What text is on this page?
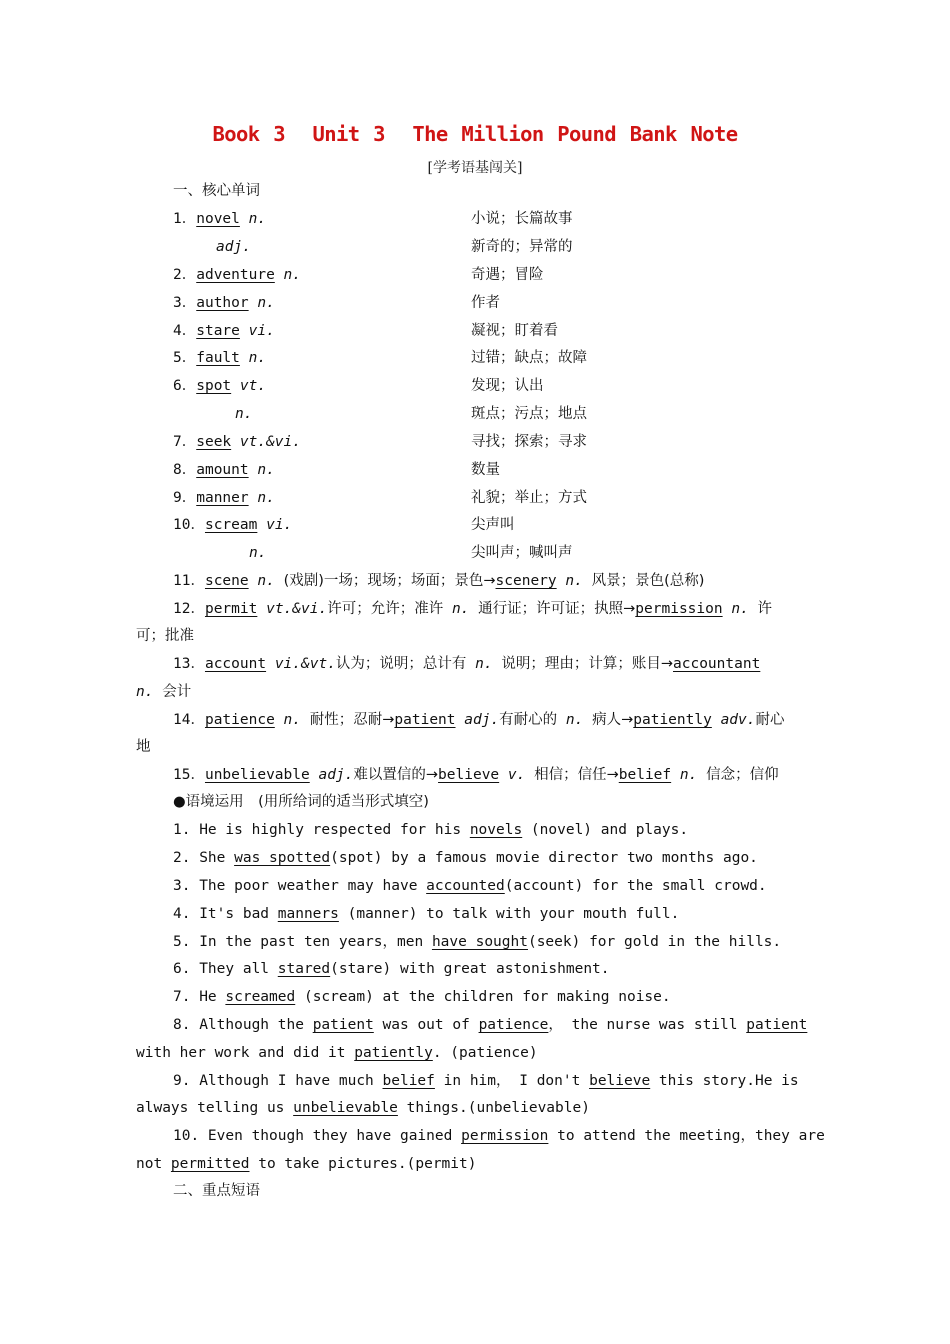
Book 3  Unit 3  The Million Pound Bank Note
[学考语基闯关]
一、核心单词
1．novel n.	小说；长篇故事
adj.	新奇的；异常的
2．adventure n.	奇遇；冒险
3．author n.	作者
4．stare vi.	凝视；盯着看
5．fault n.	过错；缺点；故障
6．spot vt.	发现；认出
n.	斑点；污点；地点
7．seek vt.&vi.	寻找；探索；寻求
8．amount n.	数量
9．manner n.	礼貌；举止；方式
10．scream vi.	尖声叫
n.	尖叫声；喊叫声
11．scene n. (戏剧)一场；现场；场面；景色→scenery n. 风景；景色(总称)
12．permit vt.&vi.许可；允许；准许 n. 通行证；许可证；执照→permission n. 许
可；批准
13．account vi.&vt.认为；说明；总计有 n. 说明；理由；计算；账目→accountant
n. 会计
14．patience n. 耐性；忍耐→patient adj.有耐心的 n. 病人→patiently adv.耐心
地
15．unbelievable adj.难以置信的→believe v. 相信；信任→belief n. 信念；信仰
●语境运用　(用所给词的适当形式填空)
1. He is highly respected for his novels (novel) and plays.
2. She was spotted(spot) by a famous movie director two months ago.
3. The poor weather may have accounted(account) for the small crowd.
4. It's bad manners (manner) to talk with your mouth full.
5. In the past ten years，men have sought(seek) for gold in the hills.
6. They all stared(stare) with great astonishment.
7. He screamed (scream) at the children for making noise.
8. Although the patient was out of patience， the nurse was still patient
with her work and did it patiently. (patience)
9. Although I have much belief in him， I don't believe this story.He is
always telling us unbelievable things.(unbelievable)
10. Even though they have gained permission to attend the meeting，they are
not permitted to take pictures.(permit)
二、重点短语
